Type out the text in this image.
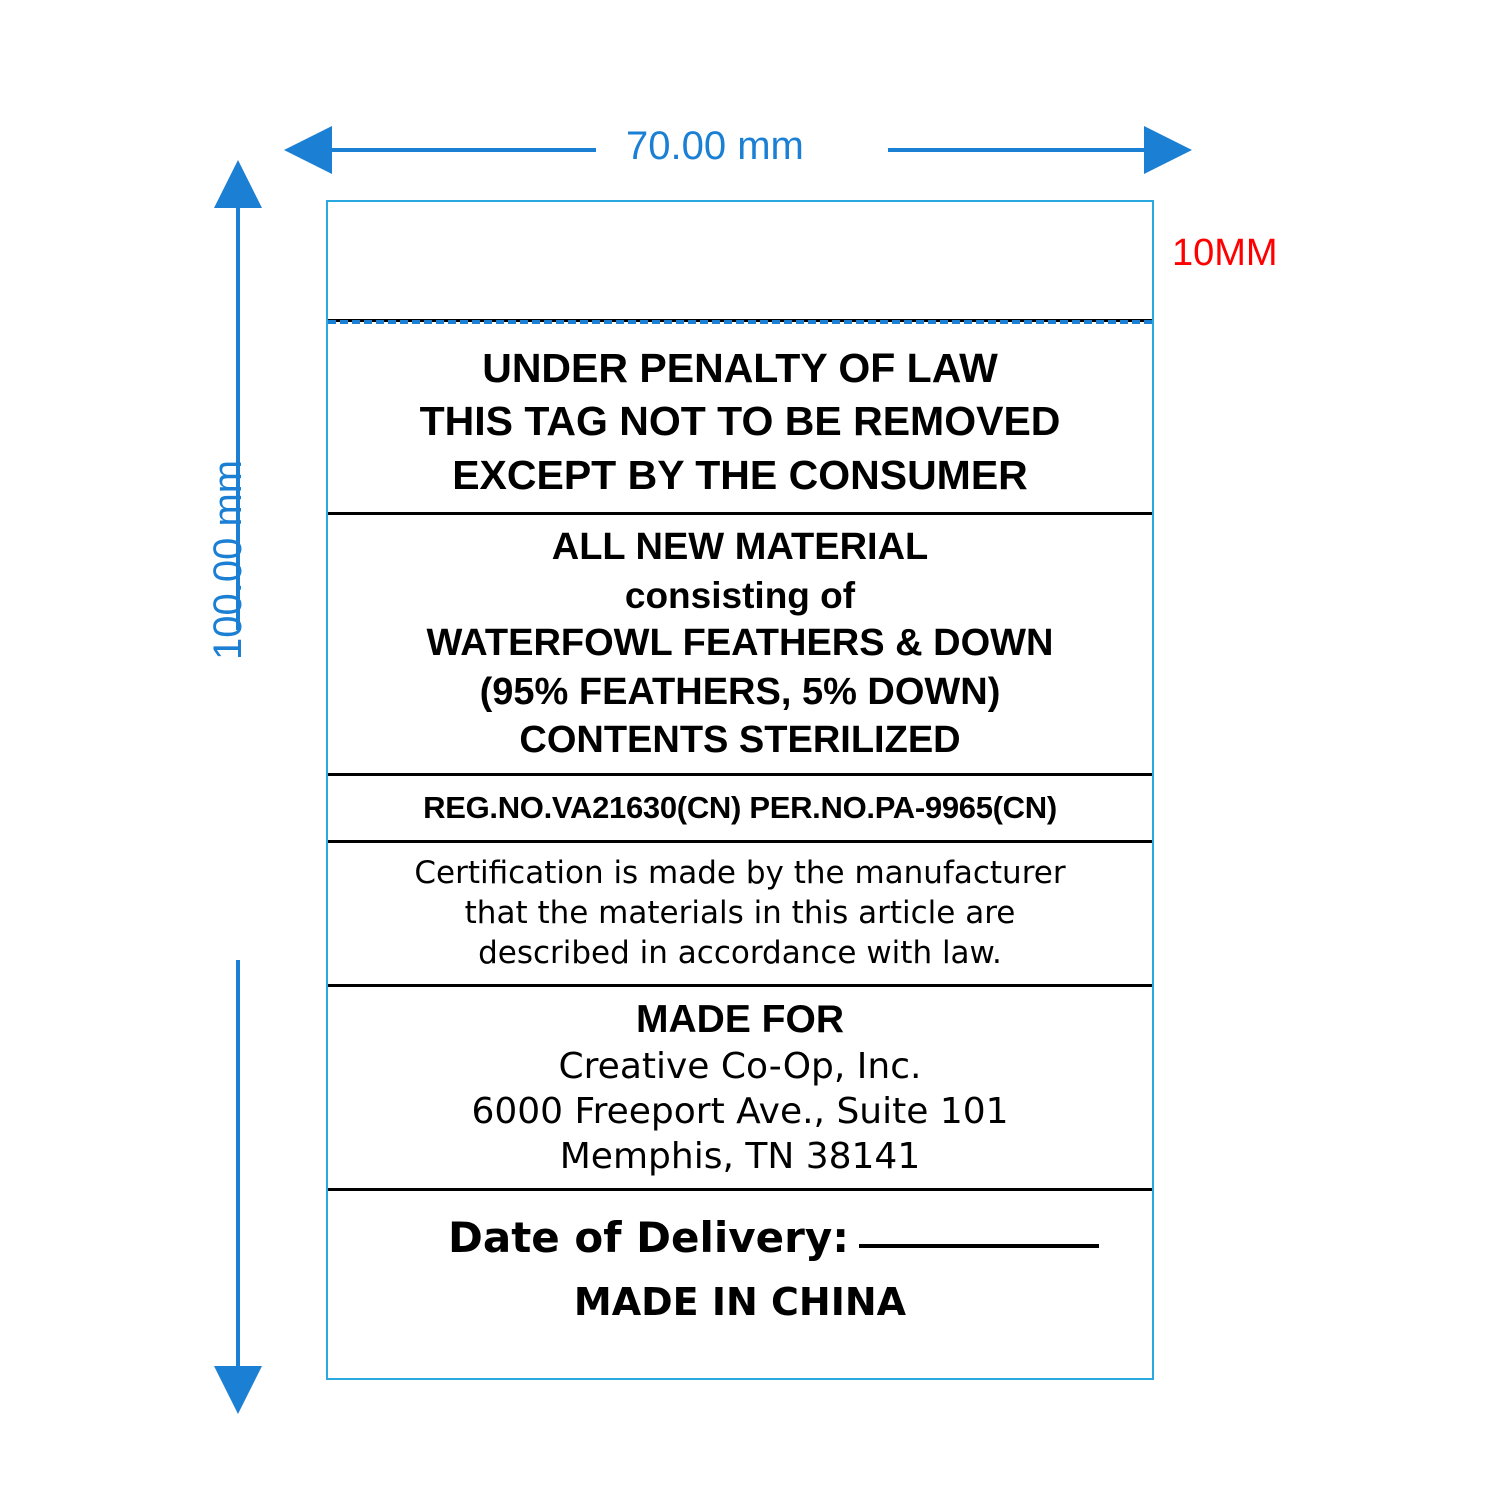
70.00 mm
100.00 mm
10MM
UNDER PENALTY OF LAW
THIS TAG NOT TO BE REMOVED
EXCEPT BY THE CONSUMER
ALL NEW MATERIAL
consisting of
WATERFOWL FEATHERS & DOWN
(95% FEATHERS, 5% DOWN)
CONTENTS STERILIZED
REG.NO.VA21630(CN) PER.NO.PA-9965(CN)
Certification is made by the manufacturer
that the materials in this article are
described in accordance with law.
MADE FOR
Creative Co-Op, Inc.
6000 Freeport Ave., Suite 101
Memphis, TN 38141
Date of Delivery:
MADE IN CHINA
